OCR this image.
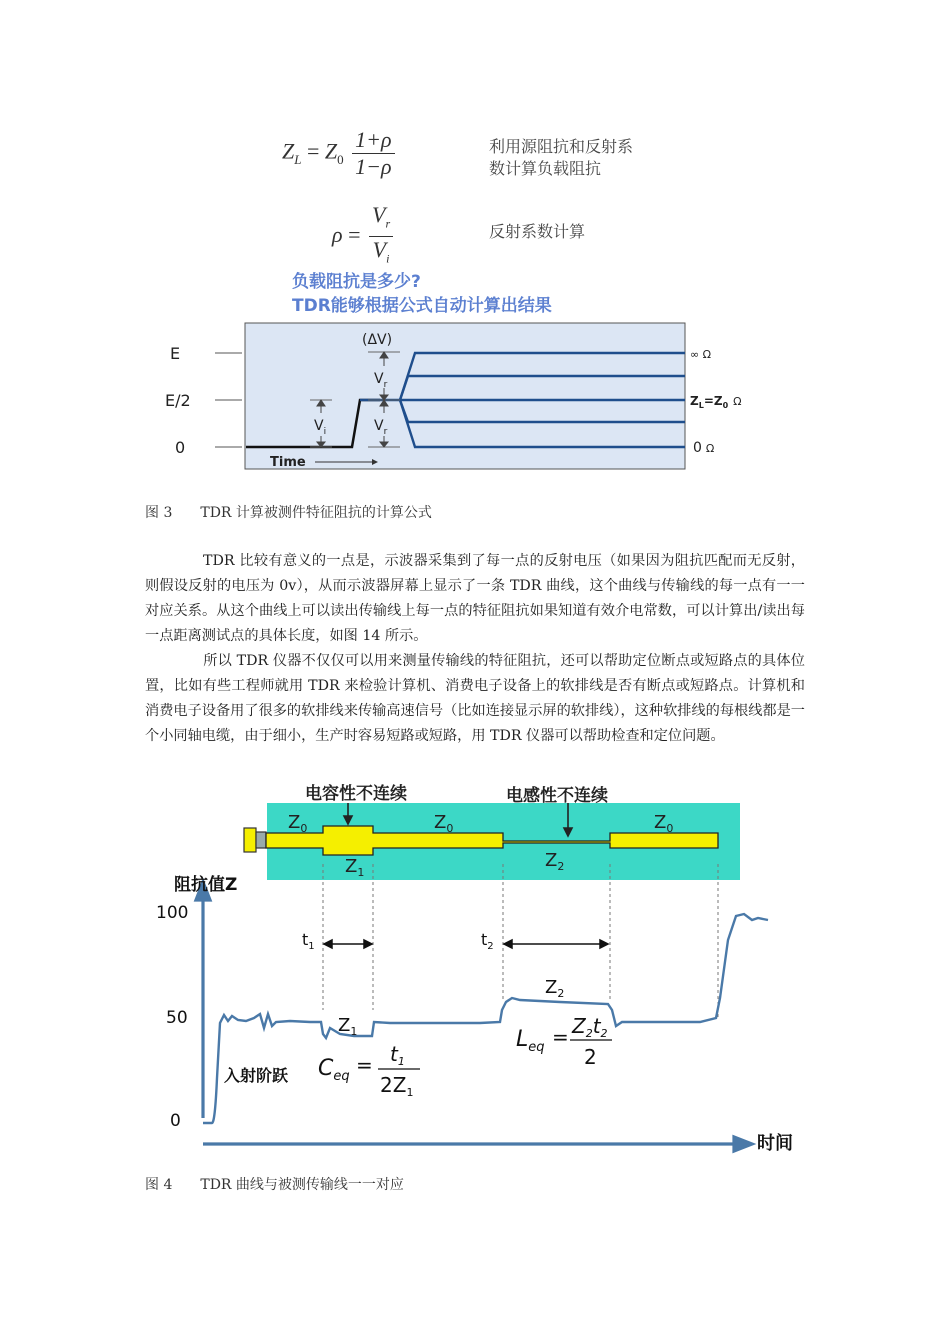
$Z_L = Z_0 \frac{1+\rho}{1-\rho}$	利用源阻抗和反射系
数计算负载阻抗
$\rho = \frac{V_r}{V_i}$	反射系数计算
负载阻抗是多少?
TDR能够根据公式自动计算出结果
E
E/2
0
(ΔV)
$V_r$
$V_r$
$V_i$
Time
∞ Ω
$Z_L=Z_0$ Ω
0 Ω
图 3　　TDR 计算被测件特征阻抗的计算公式
TDR 比较有意义的一点是，示波器采集到了每一点的反射电压（如果因为阻抗匹配而无反射，则假设反射的电压为 0v），从而示波器屏幕上显示了一条 TDR 曲线，这个曲线与传输线的每一点有一一对应关系。从这个曲线上可以读出传输线上每一点的特征阻抗如果知道有效介电常数，可以计算出/读出每一点距离测试点的具体长度，如图 14 所示。
所以 TDR 仪器不仅仅可以用来测量传输线的特征阻抗，还可以帮助定位断点或短路点的具体位置，比如有些工程师就用 TDR 来检验计算机、消费电子设备上的软排线是否有断点或短路点。计算机和消费电子设备用了很多的软排线来传输高速信号（比如连接显示屏的软排线），这种软排线的每根线都是一个小同轴电缆，由于细小，生产时容易短路或短路，用 TDR 仪器可以帮助检查和定位问题。
$Z_0$	$Z_0$	$Z_0$
$Z_1$
$Z_2$
电容性不连续	电感性不连续
阻抗值Z
时间
100
50
0
$t_1$	$t_2$
$Z_1$
$Z_2$
入射阶跃 $C_{eq} = t_1$
$2Z_1$
$L_{eq} = Z_2t_2$
2
图 4　　TDR 曲线与被测传输线一一对应
